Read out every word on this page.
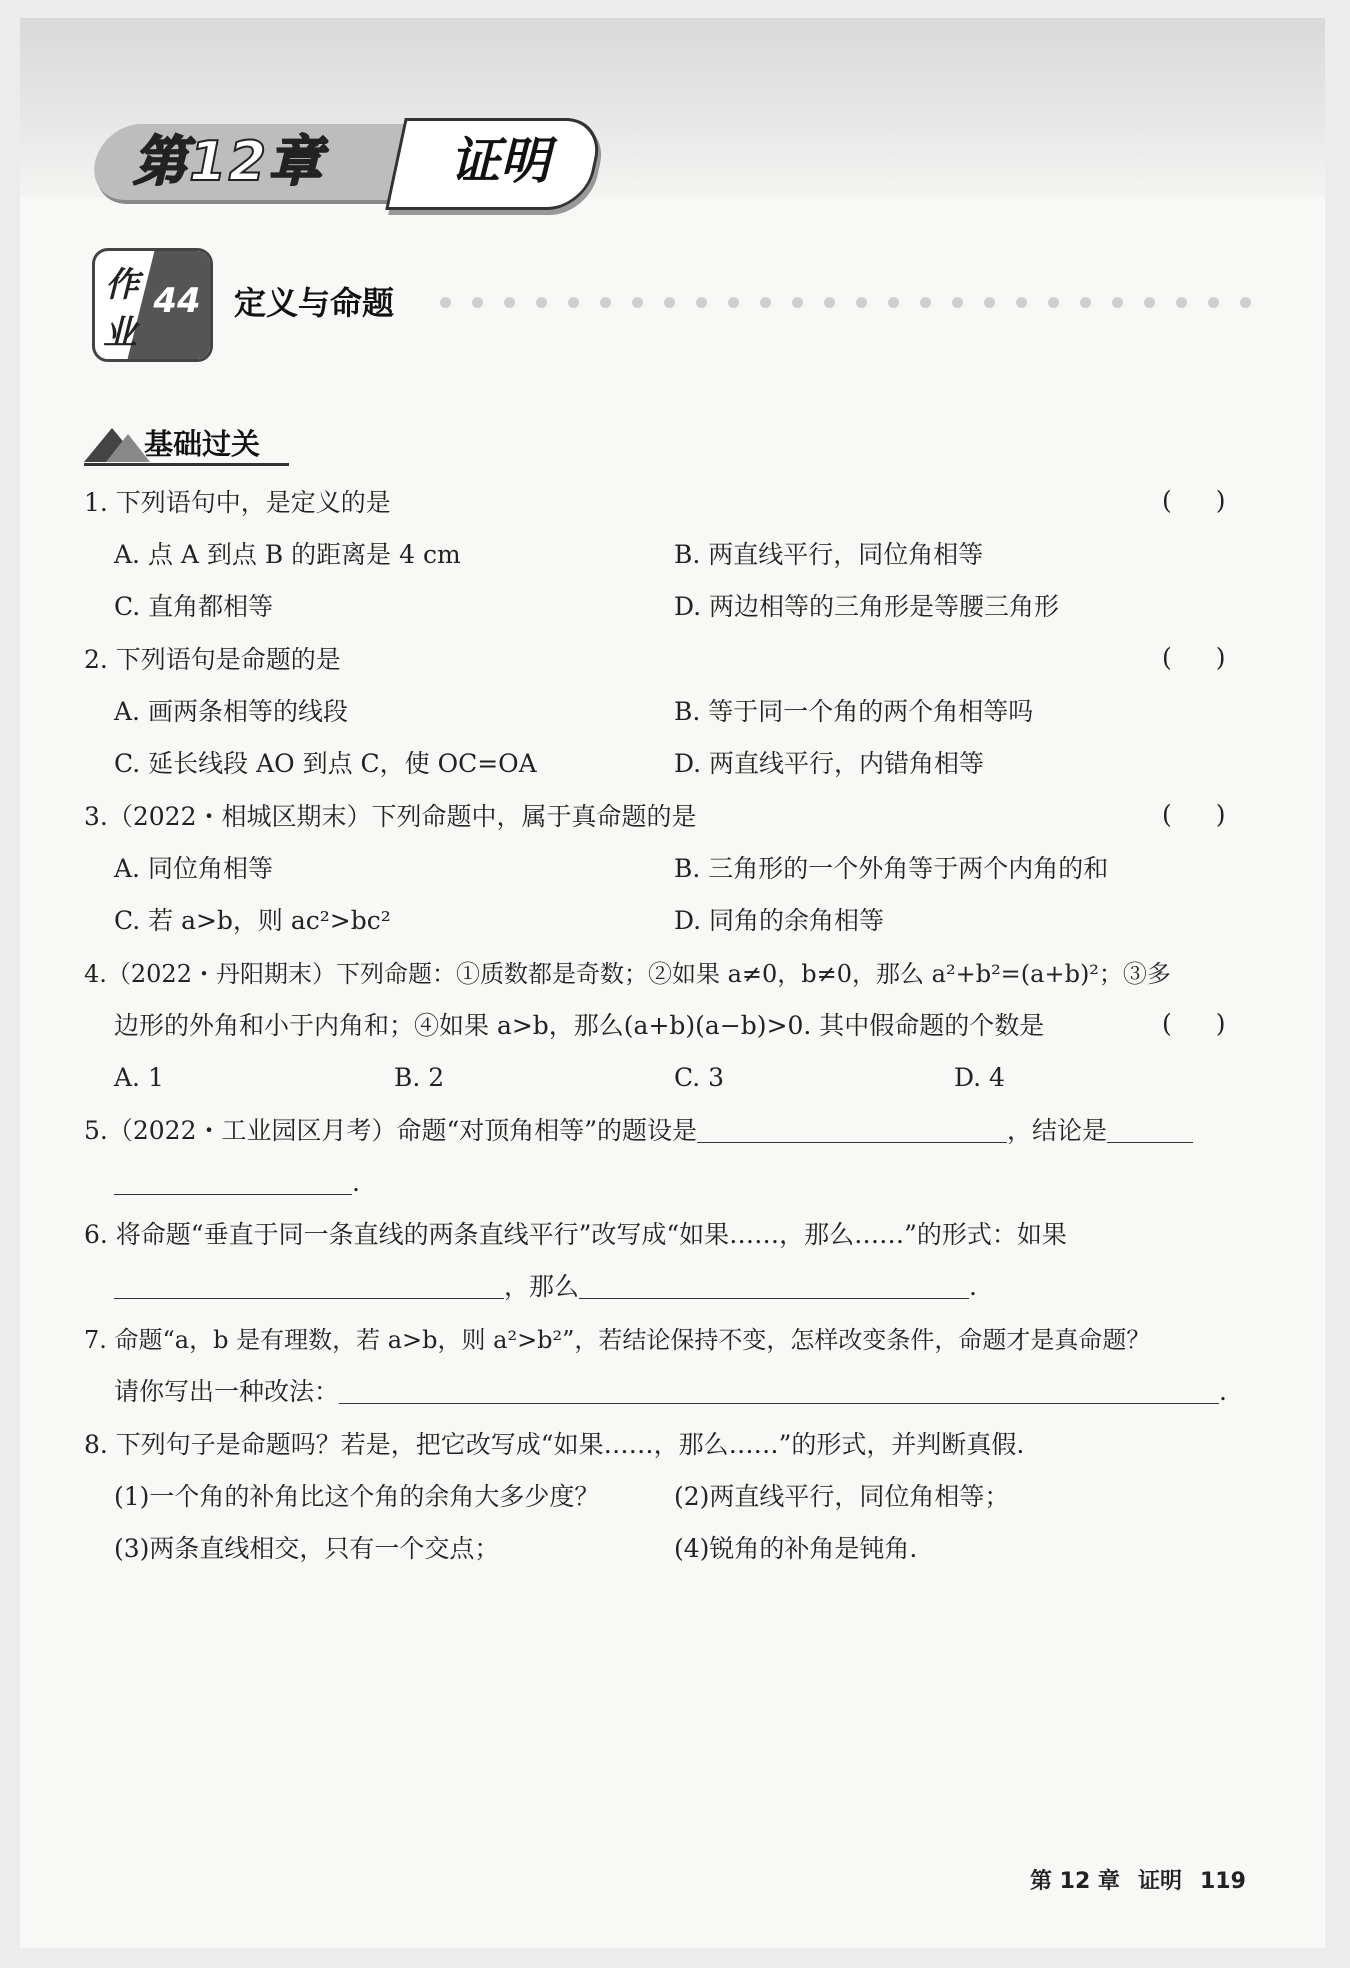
第12章	证明
作
业
44 定义与命题
基础过关
1. 下列语句中，是定义的是	( )
A. 点 A 到点 B 的距离是 4 cm	B. 两直线平行，同位角相等
C. 直角都相等	D. 两边相等的三角形是等腰三角形
2. 下列语句是命题的是	( )
A. 画两条相等的线段	B. 等于同一个角的两个角相等吗
C. 延长线段 AO 到点 C，使 OC=OA	D. 两直线平行，内错角相等
3.（2022・相城区期末）下列命题中，属于真命题的是	( )
A. 同位角相等	B. 三角形的一个外角等于两个内角的和
C. 若 a>b，则 ac²>bc²	D. 同角的余角相等
4.（2022・丹阳期末）下列命题：①质数都是奇数；②如果 a≠0，b≠0，那么 a²+b²=(a+b)²；③多
边形的外角和小于内角和；④如果 a>b，那么(a+b)(a−b)>0. 其中假命题的个数是	( )
A. 1	B. 2	C. 3	D. 4
5.（2022・工业园区月考）命题“对顶角相等”的题设是	，结论是
.
6. 将命题“垂直于同一条直线的两条直线平行”改写成“如果……，那么……”的形式：如果
，那么	.
7. 命题“a，b 是有理数，若 a>b，则 a²>b²”，若结论保持不变，怎样改变条件，命题才是真命题？
请你写出一种改法：	.
8. 下列句子是命题吗？若是，把它改写成“如果……，那么……”的形式，并判断真假.
(1)一个角的补角比这个角的余角大多少度？	(2)两直线平行，同位角相等；
(3)两条直线相交，只有一个交点；	(4)锐角的补角是钝角.
第 12 章 证明 119
